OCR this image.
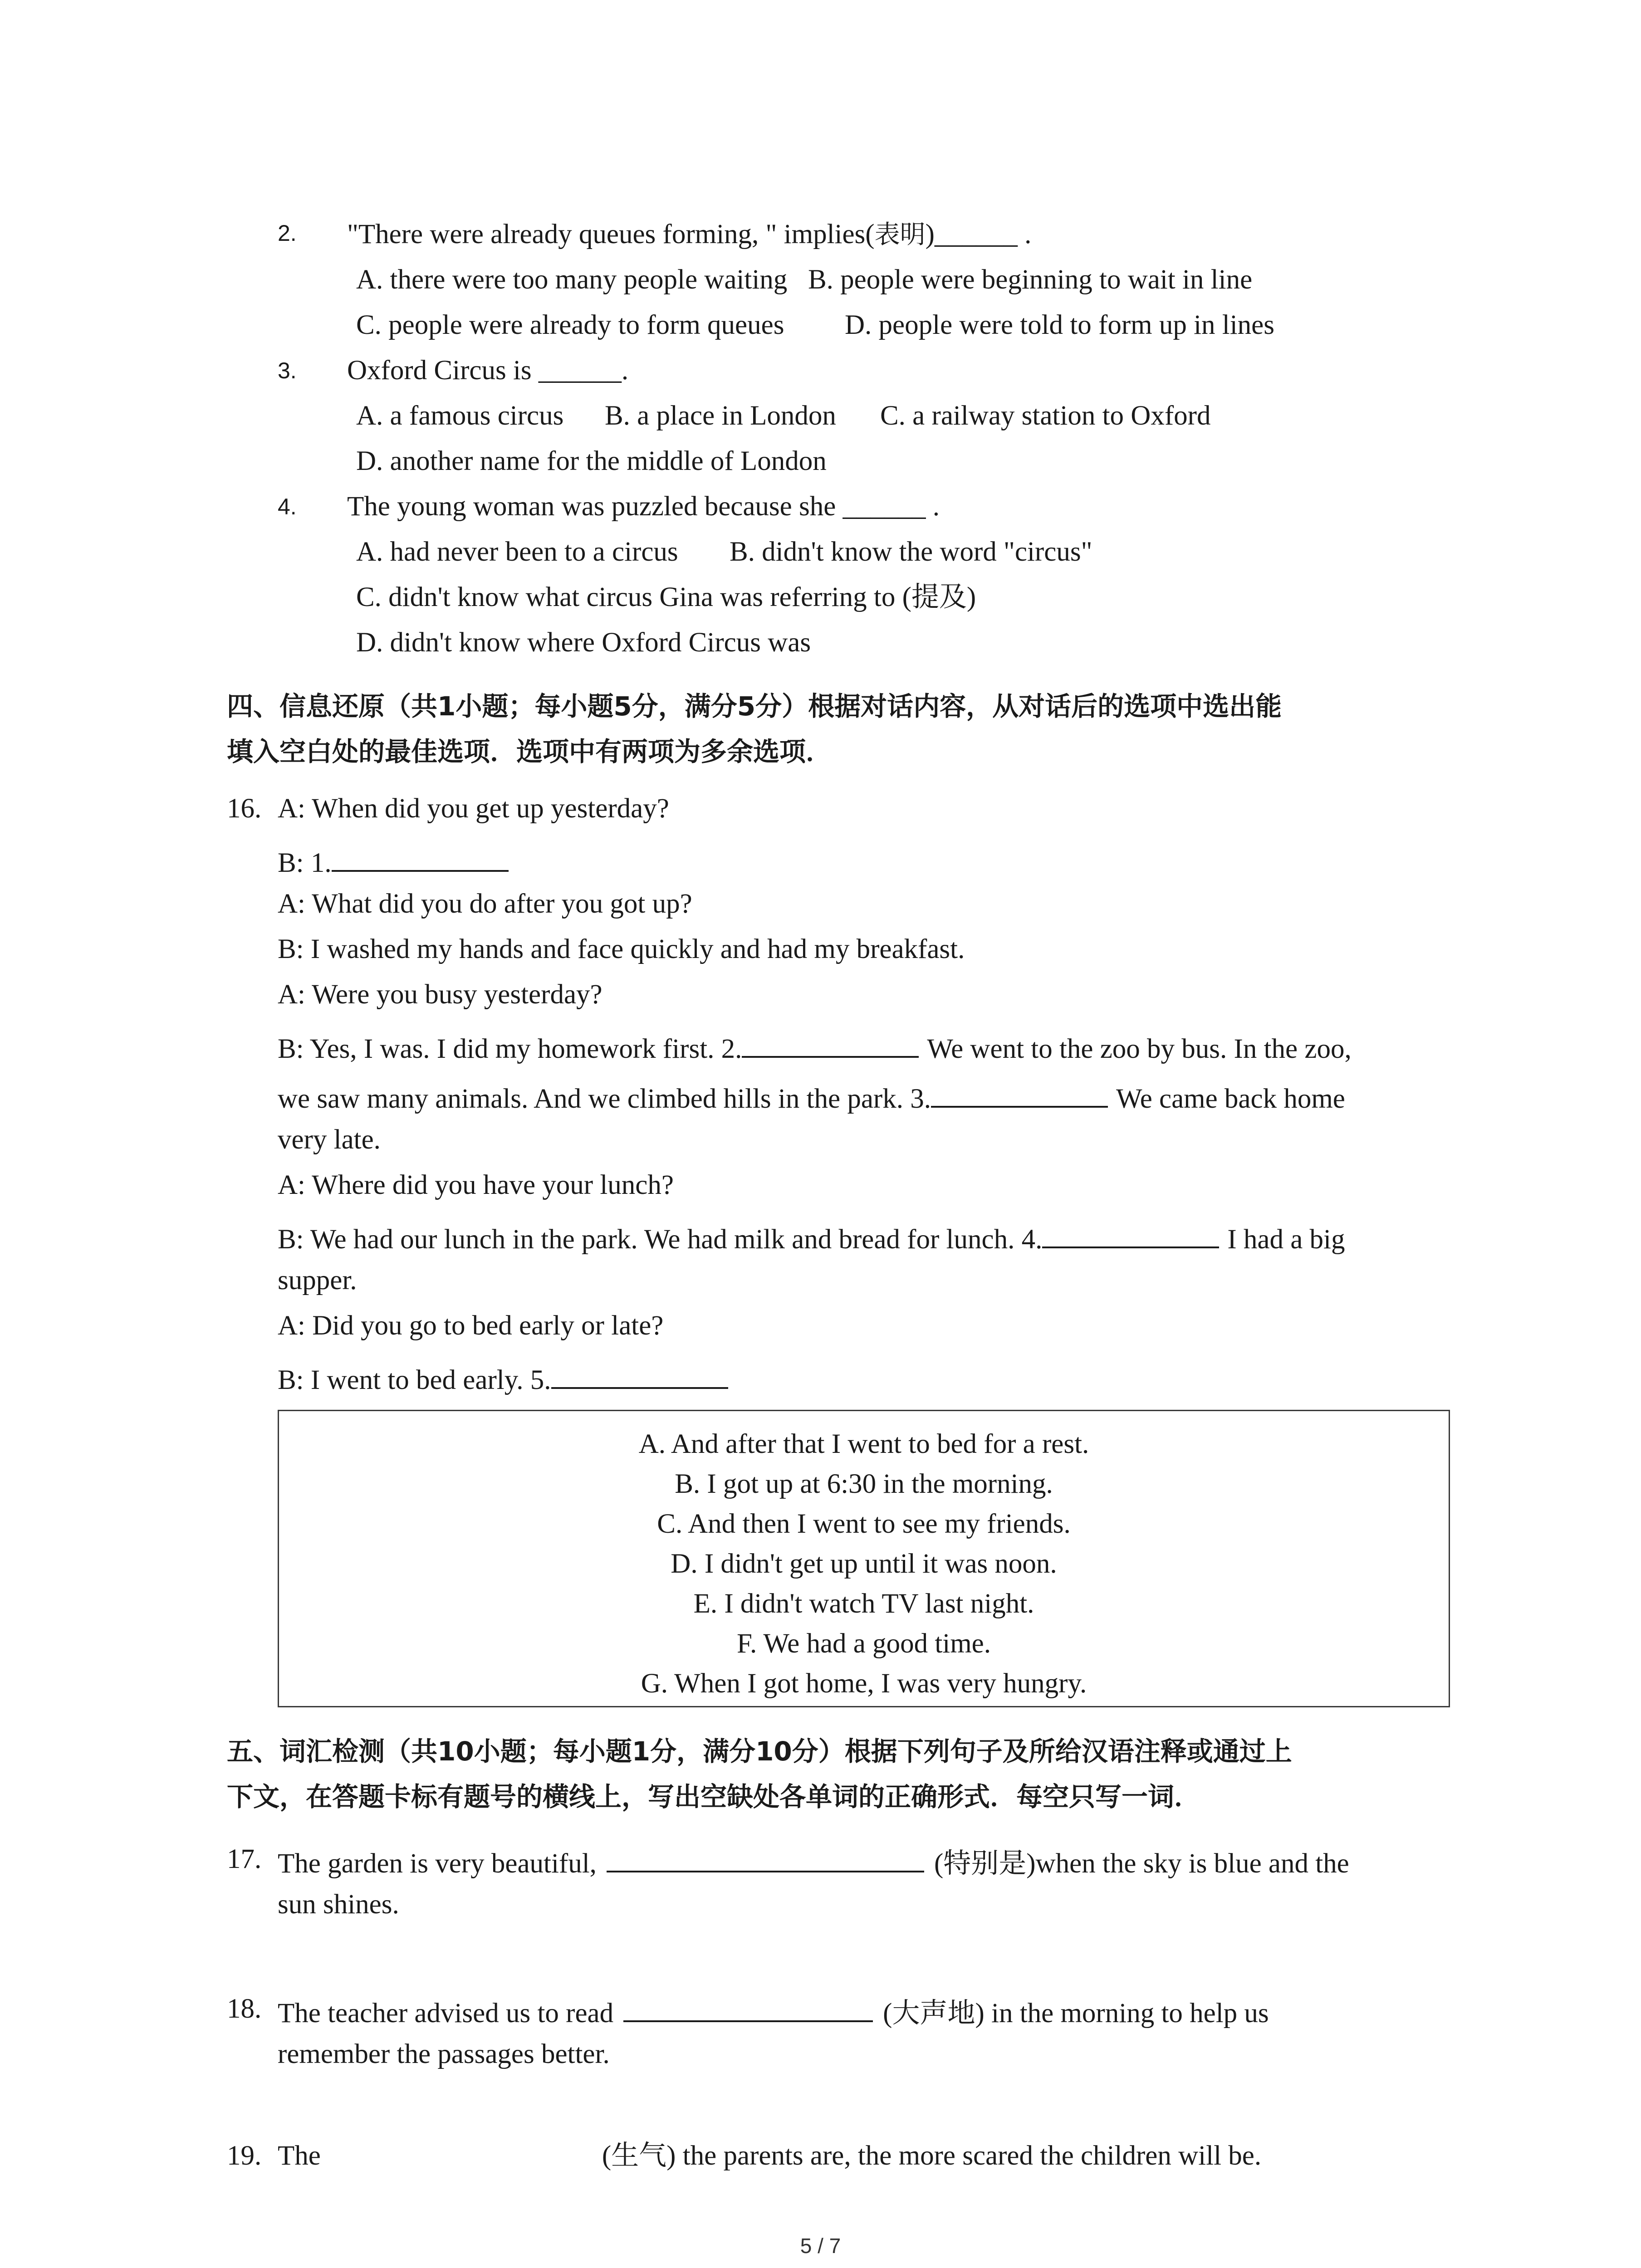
2. "There were already queues forming, " implies(表明)______ .
A. there were too many people waiting B. people were beginning to wait in line
C. people were already to form queues D. people were told to form up in lines
3. Oxford Circus is ______.
A. a famous circus B. a place in London C. a railway station to Oxford
D. another name for the middle of London
4. The young woman was puzzled because she ______ .
A. had never been to a circus B. didn't know the word "circus"
C. didn't know what circus Gina was referring to (提及)
D. didn't know where Oxford Circus was
四、信息还原（共1小题；每小题5分，满分5分）根据对话内容，从对话后的选项中选出能
填入空白处的最佳选项．选项中有两项为多余选项．
16. A: When did you get up yesterday?
B: 1.
A: What did you do after you got up?
B: I washed my hands and face quickly and had my breakfast.
A: Were you busy yesterday?
B: Yes, I was. I did my homework first. 2.	We went to the zoo by bus. In the zoo,
we saw many animals. And we climbed hills in the park. 3.	We came back home
very late.
A: Where did you have your lunch?
B: We had our lunch in the park. We had milk and bread for lunch. 4.	I had a big
supper.
A: Did you go to bed early or late?
B: I went to bed early. 5.
A. And after that I went to bed for a rest.
B. I got up at 6:30 in the morning.
C. And then I went to see my friends.
D. I didn't get up until it was noon.
E. I didn't watch TV last night.
F. We had a good time.
G. When I got home, I was very hungry.
五、词汇检测（共10小题；每小题1分，满分10分）根据下列句子及所给汉语注释或通过上
下文，在答题卡标有题号的横线上，写出空缺处各单词的正确形式．每空只写一词．
17. The garden is very beautiful,	(特别是)when the sky is blue and the
sun shines.
18. The teacher advised us to read	(大声地) in the morning to help us
remember the passages better.
19. The	(生气) the parents are, the more scared the children will be.
5 / 7
